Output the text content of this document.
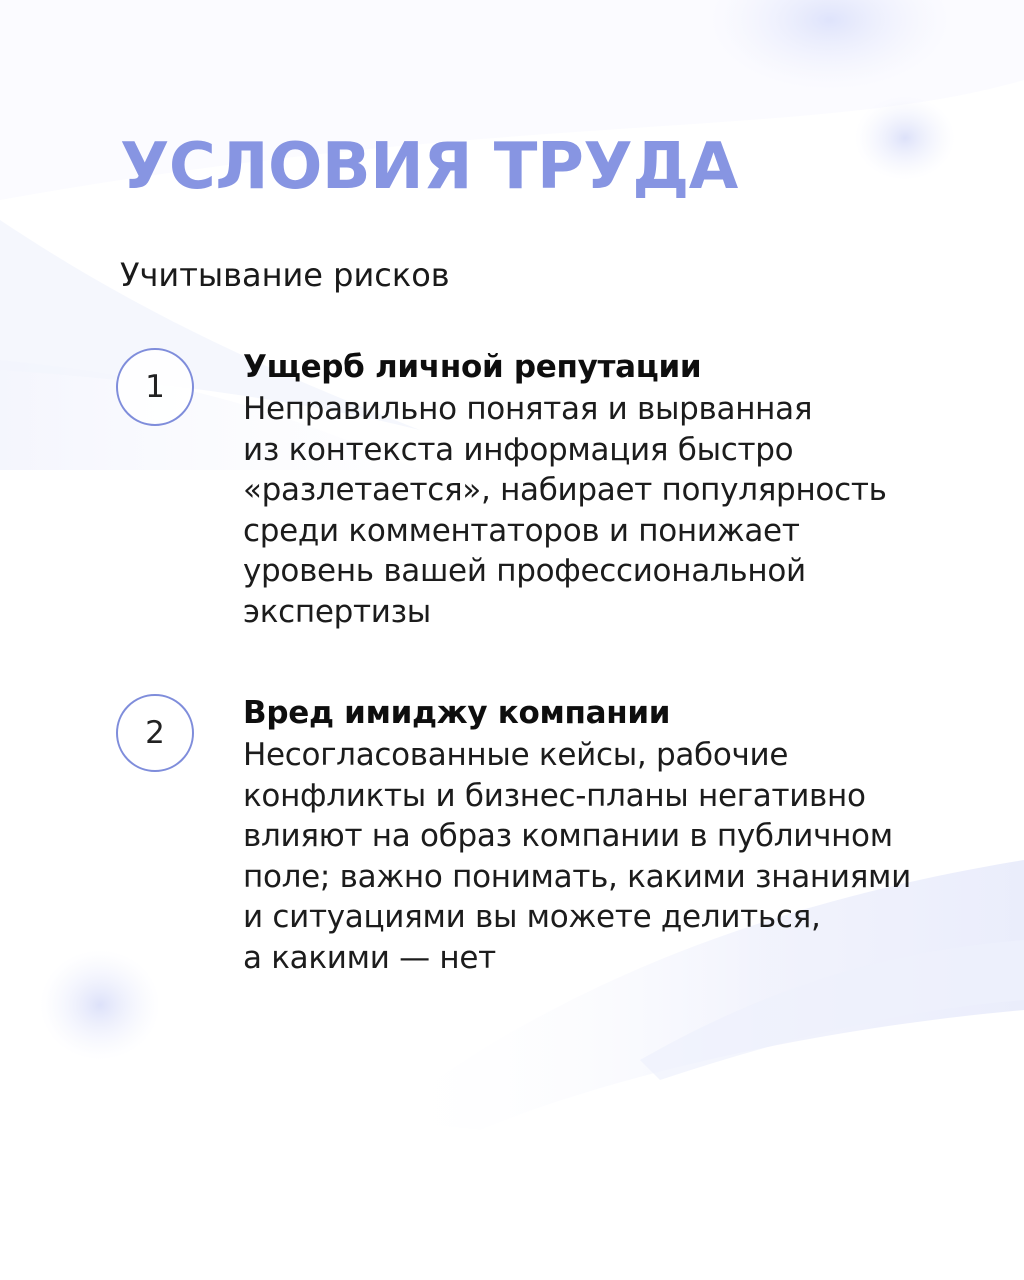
УСЛОВИЯ ТРУДА

Учитывание рисков

1
Ущерб личной репутации
Неправильно понятая и вырванная
из контекста информация быстро
«разлетается», набирает популярность
среди комментаторов и понижает
уровень вашей профессиональной
экспертизы
2
Вред имиджу компании
Несогласованные кейсы, рабочие
конфликты и бизнес-планы негативно
влияют на образ компании в публичном
поле; важно понимать, какими знаниями
и ситуациями вы можете делиться,
а какими — нет
